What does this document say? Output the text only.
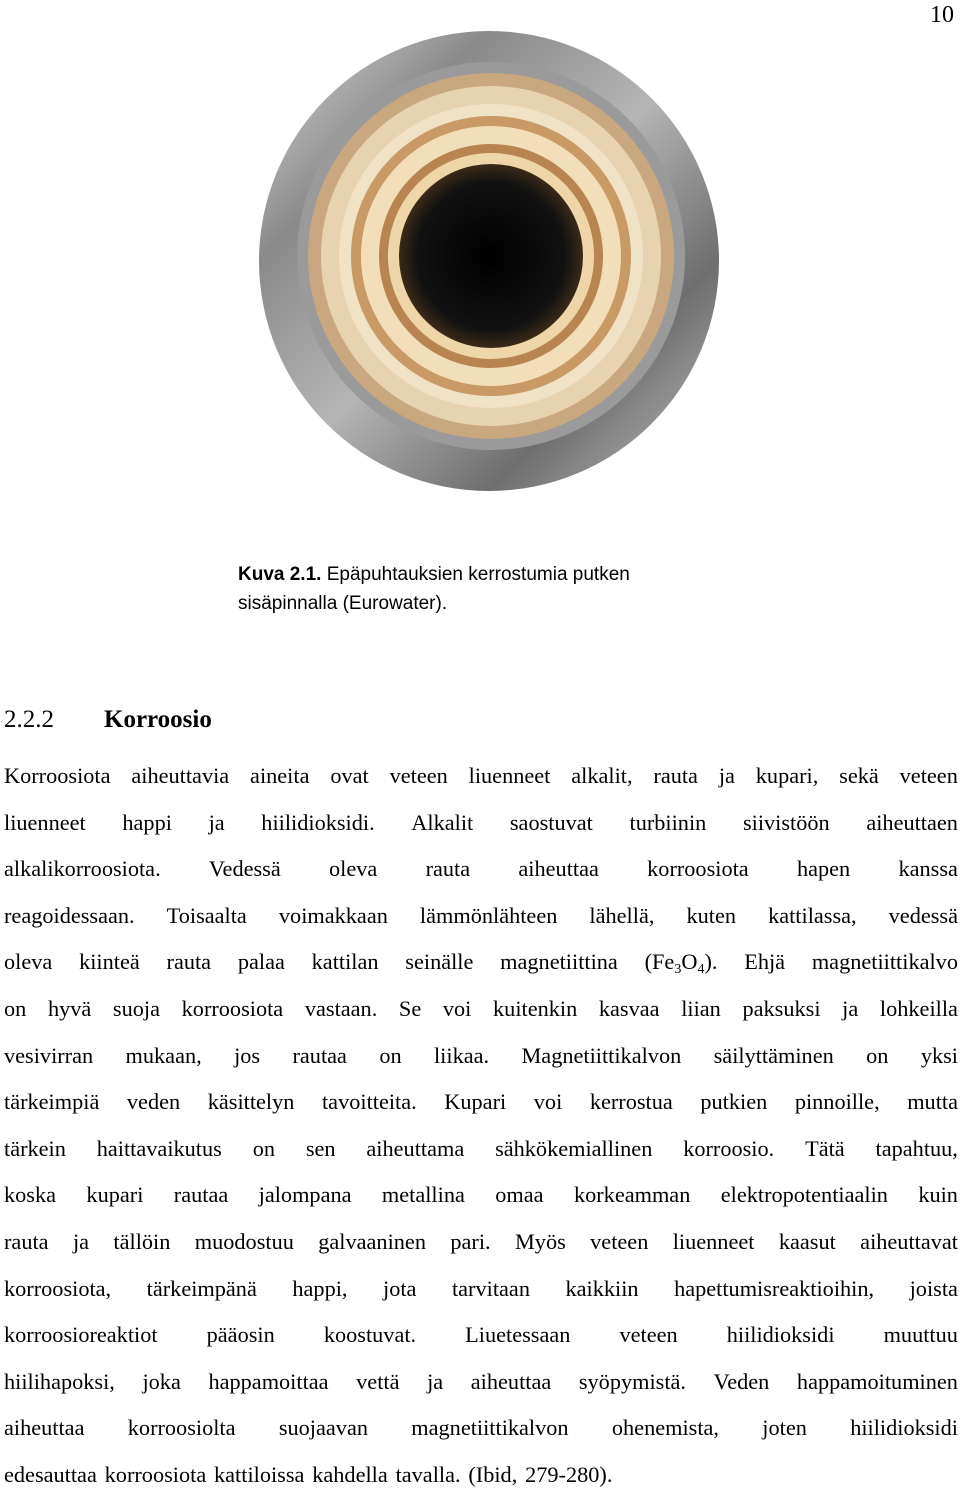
10
Kuva 2.1. Epäpuhtauksien kerrostumia putken
sisäpinnalla (Eurowater).
2.2.2 Korroosio
Korroosiota aiheuttavia aineita ovat veteen liuenneet alkalit, rauta ja kupari, sekä veteen
liuenneet happi ja hiilidioksidi. Alkalit saostuvat turbiinin siivistöön aiheuttaen
alkalikorroosiota. Vedessä oleva rauta aiheuttaa korroosiota hapen kanssa
reagoidessaan. Toisaalta voimakkaan lämmönlähteen lähellä, kuten kattilassa, vedessä
oleva kiinteä rauta palaa kattilan seinälle magnetiittina $(Fe_3O_4)$. Ehjä magnetiittikalvo
on hyvä suoja korroosiota vastaan. Se voi kuitenkin kasvaa liian paksuksi ja lohkeilla
vesivirran mukaan, jos rautaa on liikaa. Magnetiittikalvon säilyttäminen on yksi
tärkeimpiä veden käsittelyn tavoitteita. Kupari voi kerrostua putkien pinnoille, mutta
tärkein haittavaikutus on sen aiheuttama sähkökemiallinen korroosio. Tätä tapahtuu,
koska kupari rautaa jalompana metallina omaa korkeamman elektropotentiaalin kuin
rauta ja tällöin muodostuu galvaaninen pari. Myös veteen liuenneet kaasut aiheuttavat
korroosiota, tärkeimpänä happi, jota tarvitaan kaikkiin hapettumisreaktioihin, joista
korroosioreaktiot pääosin koostuvat. Liuetessaan veteen hiilidioksidi muuttuu
hiilihapoksi, joka happamoittaa vettä ja aiheuttaa syöpymistä. Veden happamoituminen
aiheuttaa korroosiolta suojaavan magnetiittikalvon ohenemista, joten hiilidioksidi
edesauttaa korroosiota kattiloissa kahdella tavalla. (Ibid, 279-280).
